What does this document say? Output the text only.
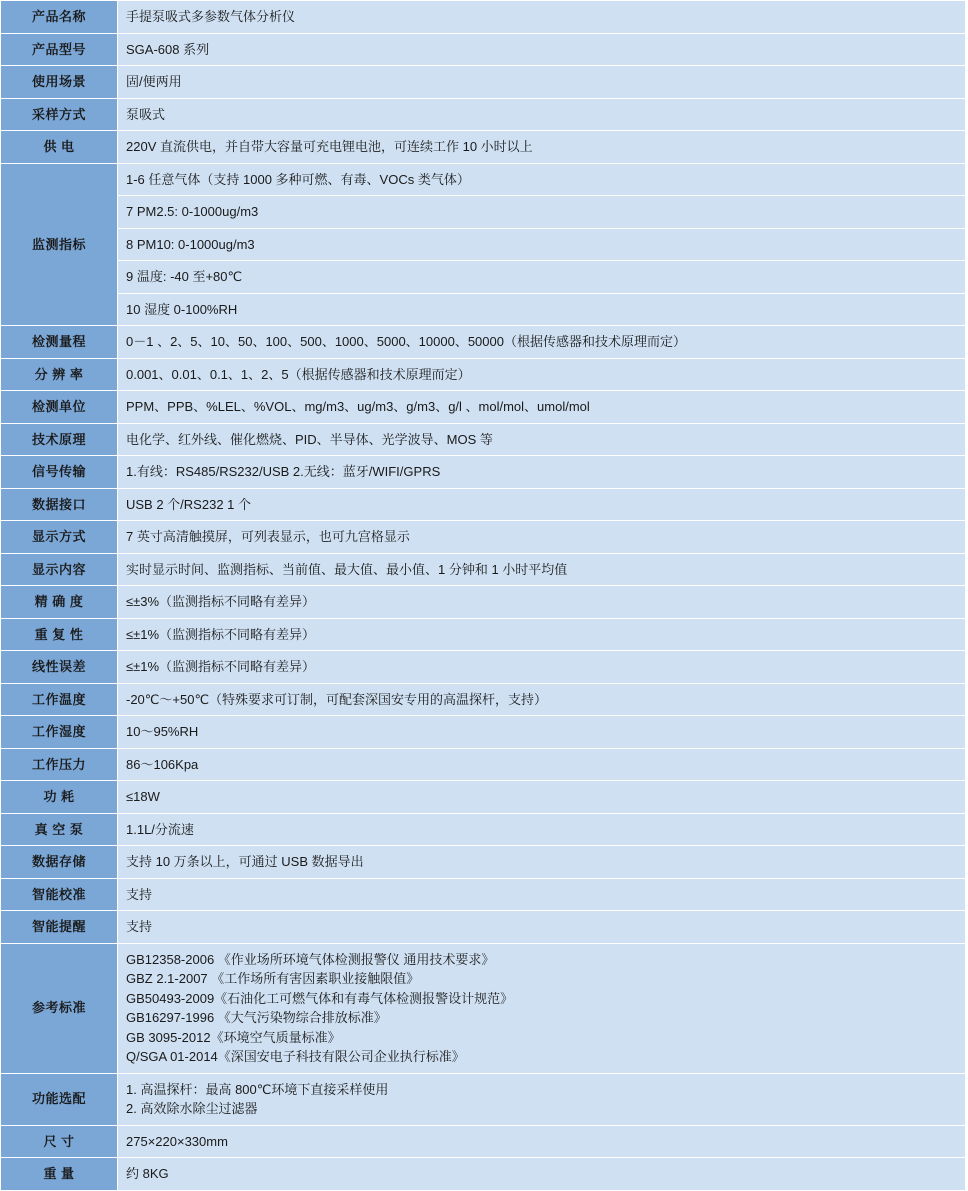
产品名称	手提泵吸式多参数气体分析仪
产品型号	SGA-608 系列
使用场景	固/便两用
采样方式	泵吸式
供 电	220V 直流供电，并自带大容量可充电锂电池，可连续工作 10 小时以上
监测指标	1-6 任意气体（支持 1000 多种可燃、有毒、VOCs 类气体）
	7 PM2.5: 0-1000ug/m3
	8 PM10: 0-1000ug/m3
	9 温度: -40 至+80℃
	10 湿度 0-100%RH
检测量程	0－1 、2、5、10、50、100、500、1000、5000、10000、50000（根据传感器和技术原理而定）
分 辨 率	0.001、0.01、0.1、1、2、5（根据传感器和技术原理而定）
检测单位	PPM、PPB、%LEL、%VOL、mg/m3、ug/m3、g/m3、g/l 、mol/mol、umol/mol
技术原理	电化学、红外线、催化燃烧、PID、半导体、光学波导、MOS 等
信号传输	1.有线：RS485/RS232/USB 2.无线：蓝牙/WIFI/GPRS
数据接口	USB 2 个/RS232 1 个
显示方式	7 英寸高清触摸屏，可列表显示，也可九宫格显示
显示内容	实时显示时间、监测指标、当前值、最大值、最小值、1 分钟和 1 小时平均值
精 确 度	≤±3%（监测指标不同略有差异）
重 复 性	≤±1%（监测指标不同略有差异）
线性误差	≤±1%（监测指标不同略有差异）
工作温度	-20℃～+50℃（特殊要求可订制，可配套深国安专用的高温探杆，支持）
工作湿度	10～95%RH
工作压力	86～106Kpa
功 耗	≤18W
真 空 泵	1.1L/分流速
数据存储	支持 10 万条以上，可通过 USB 数据导出
智能校准	支持
智能提醒	支持
参考标准	
GB12358-2006 《作业场所环境气体检测报警仪 通用技术要求》
GBZ 2.1-2007 《工作场所有害因素职业接触限值》
GB50493-2009《石油化工可燃气体和有毒气体检测报警设计规范》
GB16297-1996 《大气污染物综合排放标准》
GB 3095-2012《环境空气质量标准》
Q/SGA 01-2014《深国安电子科技有限公司企业执行标准》

功能选配	1. 高温探杆：最高 800℃环境下直接采样使用
2. 高效除水除尘过滤器

尺 寸	275×220×330mm
重 量	约 8KG
